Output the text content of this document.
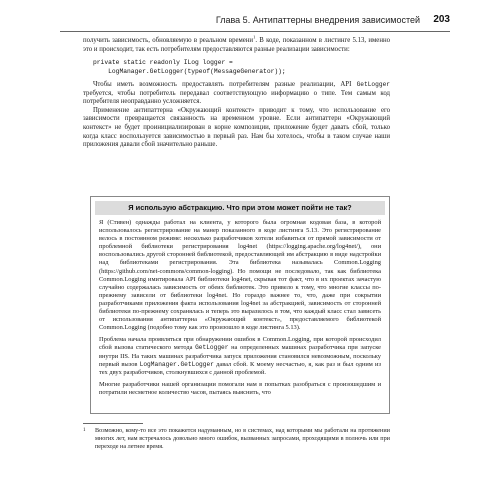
Глава 5. Антипаттерны внедрения зависимостей 203

получить зависимость, обновляемую в реальном времени$^1$. В коде, показанном в листинге 5.13, именно это и происходит, так есть потребителям предоставляются разные реализации зависимости:

private static readonly ILog logger =
LogManager.GetLogger(typeof(MessageGenerator));

Чтобы иметь возможность предоставлять потребителям разные реализации, API GetLogger требуется, чтобы потребитель передавал соответствующую информацию о типе. Тем самым код потребителя неоправданно усложняется.

Применение антипаттерна «Окружающий контекст» приводит к тому, что использование его зависимости превращается связанность на временном уровне. Если антипаттерн «Окружающий контекст» не будет проинициализирован в корне композиции, приложение будет давать сбой, только когда класс воспользуется зависимостью в первый раз. Нам бы хотелось, чтобы в таком случае наши приложения давали сбой значительно раньше.

Я использую абстракцию. Что при этом может пойти не так?

Я (Стивен) однажды работал на клиента, у которого была огромная кодовая база, в которой использовалось регистрирование на манер показанного в коде листинга 5.13. Это регистрирование велось в постоянном режиме: несколько разработчиков хотели избавиться от прямой зависимости от проблемной библиотеки регистрирования log4net (https://logging.apache.org/log4net/), они воспользовались другой сторонней библиотекой, предоставляющей им абстракцию в виде надстройки над библиотеками регистрирования. Эта библиотека называлась Common.Logging (https://github.com/net-commons/common-logging). Но помощи не последовало, так как библиотека Common.Logging имитировала API библиотеки log4net, скрывая тот факт, что в их проектах зачастую случайно содержалась зависимость от обеих библиотек. Это привело к тому, что многие классы по-прежнему зависели от библиотеки log4net. Но гораздо важнее то, что, даже при сокрытии разработчиками приложения факта использования log4net за абстракцией, зависимость от сторонней библиотеки по-прежнему сохранялась и теперь это выразилось в том, что каждый класс стал зависеть от использования антипаттерна «Окружающий контекст», предоставляемого библиотекой Common.Logging (подобно тому как это произошло в коде листинга 5.13).

Проблема начала проявляться при обнаружении ошибок в Common.Logging, при которой происходил сбой вызова статического метода GetLogger на определенных машинах разработчика при запуске внутри IIS. На таких машинах разработчика запуск приложения становился невозможным, поскольку первый вызов LogManager.GetLogger давал сбой. К моему несчастью, я, как раз и был одним из тех двух разработчиков, столкнувшихся с данной проблемой.

Многие разработчики нашей организации помогали нам в попытках разобраться с произошедшим и потратили несметное количество часов, пытаясь выяснить, что

1 Возможно, кому-то все это покажется надуманным, но в системах, над которыми мы работали на протяжении многих лет, нам встречалось довольно много ошибок, вызванных запросами, проходящими в полночь или при переходе на летнее время.
